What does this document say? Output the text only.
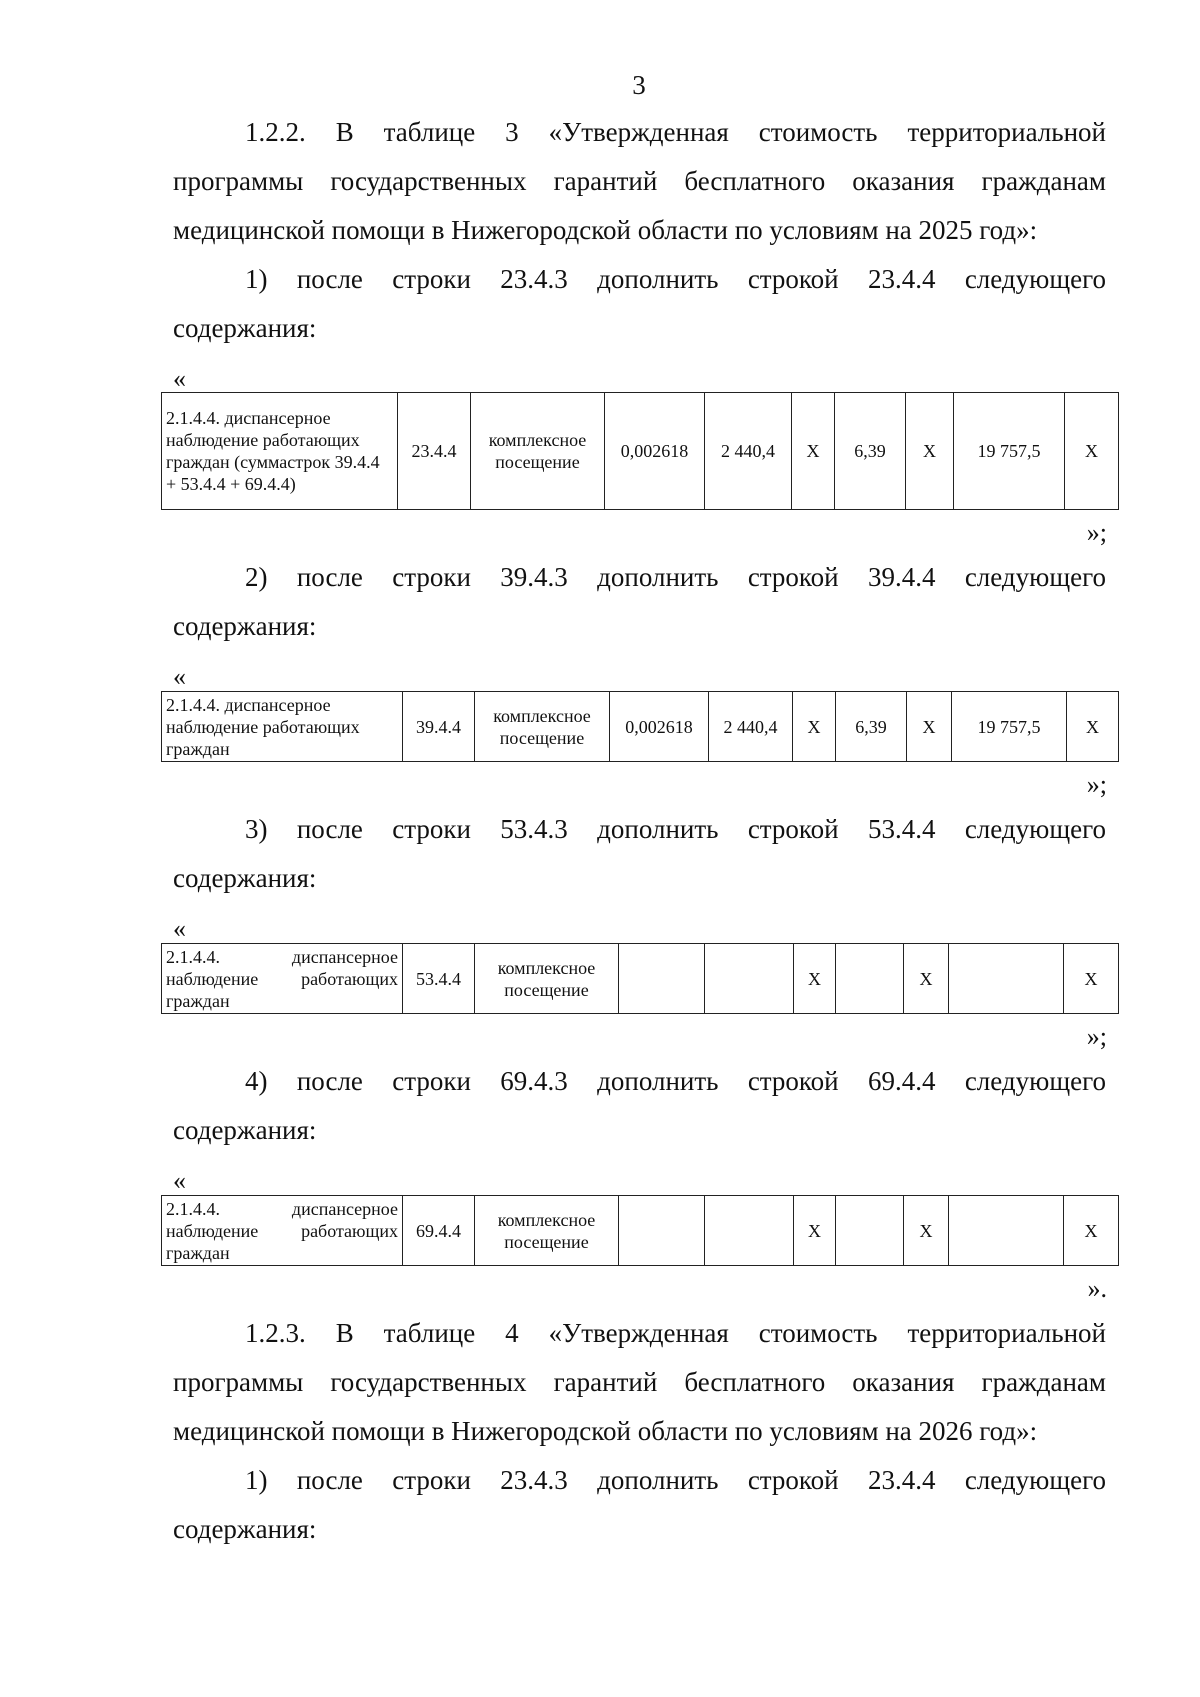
3
1.2.2. В таблице 3 «Утвержденная стоимость территориальной
программы государственных гарантий бесплатного оказания гражданам
медицинской помощи в Нижегородской области по условиям на 2025 год»:
1) после строки 23.4.3 дополнить строкой 23.4.4 следующего
содержания:
«
2.1.4.4. диспансерное наблюдение работающих граждан (суммастрок 39.4.4 + 53.4.4 + 69.4.4)	23.4.4	комплексное посещение	0,002618	2 440,4	X	6,39	X	19 757,5	X
»;
2) после строки 39.4.3 дополнить строкой 39.4.4 следующего
содержания:
«
2.1.4.4. диспансерное наблюдение работающих граждан	39.4.4	комплексное посещение	0,002618	2 440,4	X	6,39	X	19 757,5	X
»;
3) после строки 53.4.3 дополнить строкой 53.4.4 следующего
содержания:
«
2.1.4.4. диспансерное наблюдение работающих граждан	53.4.4	комплексное посещение			X		X		X
»;
4) после строки 69.4.3 дополнить строкой 69.4.4 следующего
содержания:
«
2.1.4.4. диспансерное наблюдение работающих граждан	69.4.4	комплексное посещение			X		X		X
».
1.2.3. В таблице 4 «Утвержденная стоимость территориальной
программы государственных гарантий бесплатного оказания гражданам
медицинской помощи в Нижегородской области по условиям на 2026 год»:
1) после строки 23.4.3 дополнить строкой 23.4.4 следующего
содержания:
